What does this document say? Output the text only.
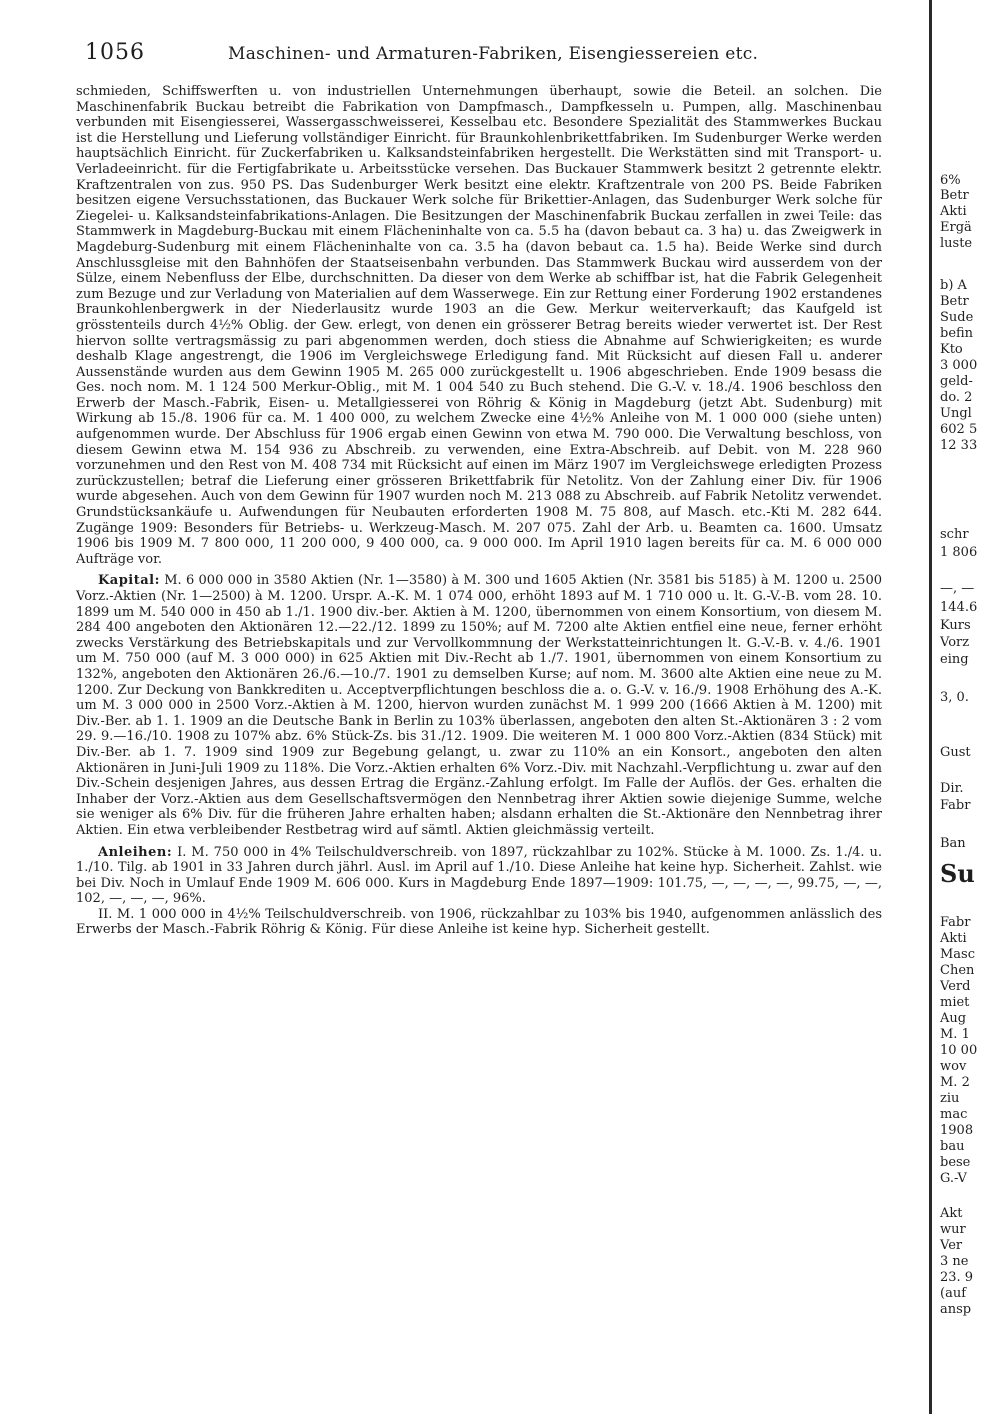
1056	Maschinen- und Armaturen-Fabriken, Eisengiessereien etc.

schmieden, Schiffswerften u. von industriellen Unternehmungen überhaupt, sowie die Beteil. an solchen. Die Maschinenfabrik Buckau betreibt die Fabrikation von Dampfmasch., Dampfkesseln u. Pumpen, allg. Maschinenbau verbunden mit Eisengiesserei, Wassergasschweisserei, Kesselbau etc. Besondere Spezialität des Stammwerkes Buckau ist die Herstellung und Lieferung vollständiger Einricht. für Braunkohlenbrikettfabriken. Im Sudenburger Werke werden hauptsächlich Einricht. für Zuckerfabriken u. Kalksandsteinfabriken hergestellt. Die Werkstätten sind mit Transport- u. Verladeeinricht. für die Fertigfabrikate u. Arbeitsstücke versehen. Das Buckauer Stammwerk besitzt 2 getrennte elektr. Kraftzentralen von zus. 950 PS. Das Sudenburger Werk besitzt eine elektr. Kraftzentrale von 200 PS. Beide Fabriken besitzen eigene Versuchsstationen, das Buckauer Werk solche für Brikettier-Anlagen, das Sudenburger Werk solche für Ziegelei- u. Kalksandsteinfabrikations-Anlagen. Die Besitzungen der Maschinenfabrik Buckau zerfallen in zwei Teile: das Stammwerk in Magdeburg-Buckau mit einem Flächeninhalte von ca. 5.5 ha (davon bebaut ca. 3 ha) u. das Zweigwerk in Magdeburg-Sudenburg mit einem Flächeninhalte von ca. 3.5 ha (davon bebaut ca. 1.5 ha). Beide Werke sind durch Anschlussgleise mit den Bahnhöfen der Staatseisenbahn verbunden. Das Stammwerk Buckau wird ausserdem von der Sülze, einem Nebenfluss der Elbe, durchschnitten. Da dieser von dem Werke ab schiffbar ist, hat die Fabrik Gelegenheit zum Bezuge und zur Verladung von Materialien auf dem Wasserwege. Ein zur Rettung einer Forderung 1902 erstandenes Braunkohlenbergwerk in der Niederlausitz wurde 1903 an die Gew. Merkur weiterverkauft; das Kaufgeld ist grösstenteils durch 4½% Oblig. der Gew. erlegt, von denen ein grösserer Betrag bereits wieder verwertet ist. Der Rest hiervon sollte vertragsmässig zu pari abgenommen werden, doch stiess die Abnahme auf Schwierigkeiten; es wurde deshalb Klage angestrengt, die 1906 im Vergleichswege Erledigung fand. Mit Rücksicht auf diesen Fall u. anderer Aussenstände wurden aus dem Gewinn 1905 M. 265 000 zurückgestellt u. 1906 abgeschrieben. Ende 1909 besass die Ges. noch nom. M. 1 124 500 Merkur-Oblig., mit M. 1 004 540 zu Buch stehend. Die G.-V. v. 18./4. 1906 beschloss den Erwerb der Masch.-Fabrik, Eisen- u. Metallgiesserei von Röhrig & König in Magdeburg (jetzt Abt. Sudenburg) mit Wirkung ab 15./8. 1906 für ca. M. 1 400 000, zu welchem Zwecke eine 4½% Anleihe von M. 1 000 000 (siehe unten) aufgenommen wurde. Der Abschluss für 1906 ergab einen Gewinn von etwa M. 790 000. Die Verwaltung beschloss, von diesem Gewinn etwa M. 154 936 zu Abschreib. zu verwenden, eine Extra-Abschreib. auf Debit. von M. 228 960 vorzunehmen und den Rest von M. 408 734 mit Rücksicht auf einen im März 1907 im Vergleichswege erledigten Prozess zurückzustellen; betraf die Lieferung einer grösseren Brikettfabrik für Netolitz. Von der Zahlung einer Div. für 1906 wurde abgesehen. Auch von dem Gewinn für 1907 wurden noch M. 213 088 zu Abschreib. auf Fabrik Netolitz verwendet. Grundstücksankäufe u. Aufwendungen für Neubauten erforderten 1908 M. 75 808, auf Masch. etc.-Kti M. 282 644. Zugänge 1909: Besonders für Betriebs- u. Werkzeug-Masch. M. 207 075. Zahl der Arb. u. Beamten ca. 1600. Umsatz 1906 bis 1909 M. 7 800 000, 11 200 000, 9 400 000, ca. 9 000 000. Im April 1910 lagen bereits für ca. M. 6 000 000 Aufträge vor.

Kapital: M. 6 000 000 in 3580 Aktien (Nr. 1—3580) à M. 300 und 1605 Aktien (Nr. 3581 bis 5185) à M. 1200 u. 2500 Vorz.-Aktien (Nr. 1—2500) à M. 1200. Urspr. A.-K. M. 1 074 000, erhöht 1893 auf M. 1 710 000 u. lt. G.-V.-B. vom 28. 10. 1899 um M. 540 000 in 450 ab 1./1. 1900 div.-ber. Aktien à M. 1200, übernommen von einem Konsortium, von diesem M. 284 400 angeboten den Aktionären 12.—22./12. 1899 zu 150%; auf M. 7200 alte Aktien entfiel eine neue, ferner erhöht zwecks Verstärkung des Betriebskapitals und zur Vervollkommnung der Werkstatteinrichtungen lt. G.-V.-B. v. 4./6. 1901 um M. 750 000 (auf M. 3 000 000) in 625 Aktien mit Div.-Recht ab 1./7. 1901, übernommen von einem Konsortium zu 132%, angeboten den Aktionären 26./6.—10./7. 1901 zu demselben Kurse; auf nom. M. 3600 alte Aktien eine neue zu M. 1200. Zur Deckung von Bankkrediten u. Acceptverpflichtungen beschloss die a. o. G.-V. v. 16./9. 1908 Erhöhung des A.-K. um M. 3 000 000 in 2500 Vorz.-Aktien à M. 1200, hiervon wurden zunächst M. 1 999 200 (1666 Aktien à M. 1200) mit Div.-Ber. ab 1. 1. 1909 an die Deutsche Bank in Berlin zu 103% überlassen, angeboten den alten St.-Aktionären 3 : 2 vom 29. 9.—16./10. 1908 zu 107% abz. 6% Stück-Zs. bis 31./12. 1909. Die weiteren M. 1 000 800 Vorz.-Aktien (834 Stück) mit Div.-Ber. ab 1. 7. 1909 sind 1909 zur Begebung gelangt, u. zwar zu 110% an ein Konsort., angeboten den alten Aktionären in Juni-Juli 1909 zu 118%. Die Vorz.-Aktien erhalten 6% Vorz.-Div. mit Nachzahl.-Verpflichtung u. zwar auf den Div.-Schein desjenigen Jahres, aus dessen Ertrag die Ergänz.-Zahlung erfolgt. Im Falle der Auflös. der Ges. erhalten die Inhaber der Vorz.-Aktien aus dem Gesellschaftsvermögen den Nennbetrag ihrer Aktien sowie diejenige Summe, welche sie weniger als 6% Div. für die früheren Jahre erhalten haben; alsdann erhalten die St.-Aktionäre den Nennbetrag ihrer Aktien. Ein etwa verbleibender Restbetrag wird auf sämtl. Aktien gleichmässig verteilt.

Anleihen: I. M. 750 000 in 4% Teilschuldverschreib. von 1897, rückzahlbar zu 102%. Stücke à M. 1000. Zs. 1./4. u. 1./10. Tilg. ab 1901 in 33 Jahren durch jährl. Ausl. im April auf 1./10. Diese Anleihe hat keine hyp. Sicherheit. Zahlst. wie bei Div. Noch in Umlauf Ende 1909 M. 606 000. Kurs in Magdeburg Ende 1897—1909: 101.75, —, —, —, —, 99.75, —, —, 102, —, —, —, 96%.

II. M. 1 000 000 in 4½% Teilschuldverschreib. von 1906, rückzahlbar zu 103% bis 1940, aufgenommen anlässlich des Erwerbs der Masch.-Fabrik Röhrig & König. Für diese Anleihe ist keine hyp. Sicherheit gestellt.

6%
Betr
Akti
Ergä
luste
b) A
Betr
Sude
befin
Kto
3 000
geld-
do. 2
Ungl
602 5
12 33
schr
1 806
—, —
144.6
Kurs
Vorz
eing
3, 0.
Gust
Dir.
Fabr
Ban
Su
Fabr
Akti
Masc
Chen
Verd
miet
Aug
M. 1
10 00
wov
M. 2
ziu
mac
1908
bau
bese
G.-V
Akt
wur
Ver
3 ne
23. 9
(auf
ansp
